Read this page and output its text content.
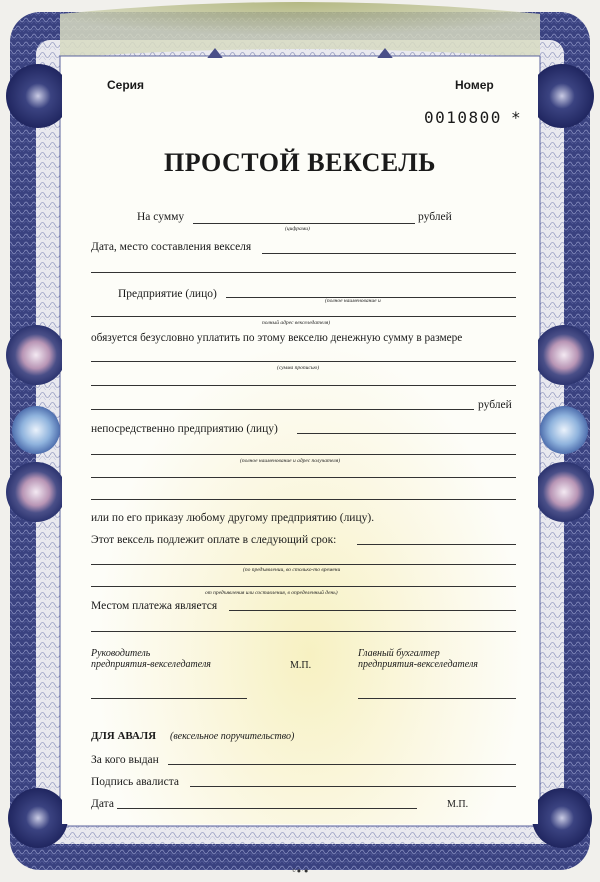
© ● · ●
Серия	Номер
0010800 *
ПРОСТОЙ ВЕКСЕЛЬ
На сумму	рублей
(цифрами)
Дата, место составления векселя
Предприятие (лицо)
(полное наименование и
полный адрес векселедателя)
обязуется безусловно уплатить по этому векселю денежную сумму в размере
(сумма прописью)
рублей
непосредственно предприятию (лицу)
(полное наименование и адрес получателя)
или по его приказу любому другому предприятию (лицу).
Этот вексель подлежит оплате в следующий срок:
(по предъявлении, во столько-то времени
от предъявления или составления, в определенный день)
Местом платежа является
Руководитель
предприятия-векселедателя	М.П.
Главный бухгалтер
предприятия-векселедателя
ДЛЯ АВАЛЯ (вексельное поручительство)
За кого выдан
Подпись авалиста
Дата	М.П.
